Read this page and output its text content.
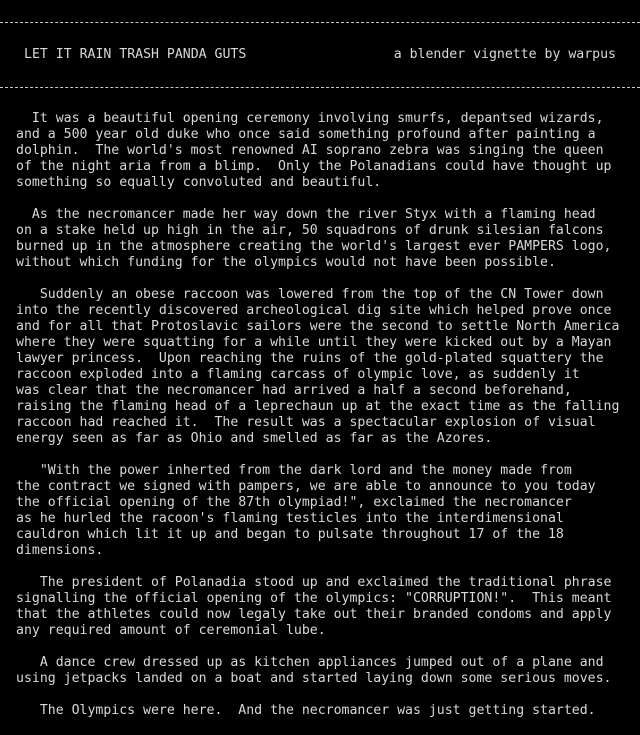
LET IT RAIN TRASH PANDA GUTS

	a blender vignette by warpus

It was a beautiful opening ceremony involving smurfs, depantsed wizards,
and a 500 year old duke who once said something profound after painting a
dolphin.  The world's most renowned AI soprano zebra was singing the queen
of the night aria from a blimp.  Only the Polanadians could have thought up
something so equally convoluted and beautiful.

As the necromancer made her way down the river Styx with a flaming head
on a stake held up high in the air, 50 squadrons of drunk silesian falcons
burned up in the atmosphere creating the world's largest ever PAMPERS logo,
without which funding for the olympics would not have been possible.

Suddenly an obese raccoon was lowered from the top of the CN Tower down
into the recently discovered archeological dig site which helped prove once
and for all that Protoslavic sailors were the second to settle North America
where they were squatting for a while until they were kicked out by a Mayan
lawyer princess.  Upon reaching the ruins of the gold-plated squattery the
raccoon exploded into a flaming carcass of olympic love, as suddenly it
was clear that the necromancer had arrived a half a second beforehand,
raising the flaming head of a leprechaun up at the exact time as the falling
raccoon had reached it.  The result was a spectacular explosion of visual
energy seen as far as Ohio and smelled as far as the Azores.

"With the power inherted from the dark lord and the money made from
the contract we signed with pampers, we are able to announce to you today
the official opening of the 87th olympiad!", exclaimed the necromancer
as he hurled the racoon's flaming testicles into the interdimensional
cauldron which lit it up and began to pulsate throughout 17 of the 18
dimensions.

The president of Polanadia stood up and exclaimed the traditional phrase
signalling the official opening of the olympics: "CORRUPTION!".  This meant
that the athletes could now legaly take out their branded condoms and apply
any required amount of ceremonial lube.

A dance crew dressed up as kitchen appliances jumped out of a plane and
using jetpacks landed on a boat and started laying down some serious moves.

The Olympics were here.  And the necromancer was just getting started.
